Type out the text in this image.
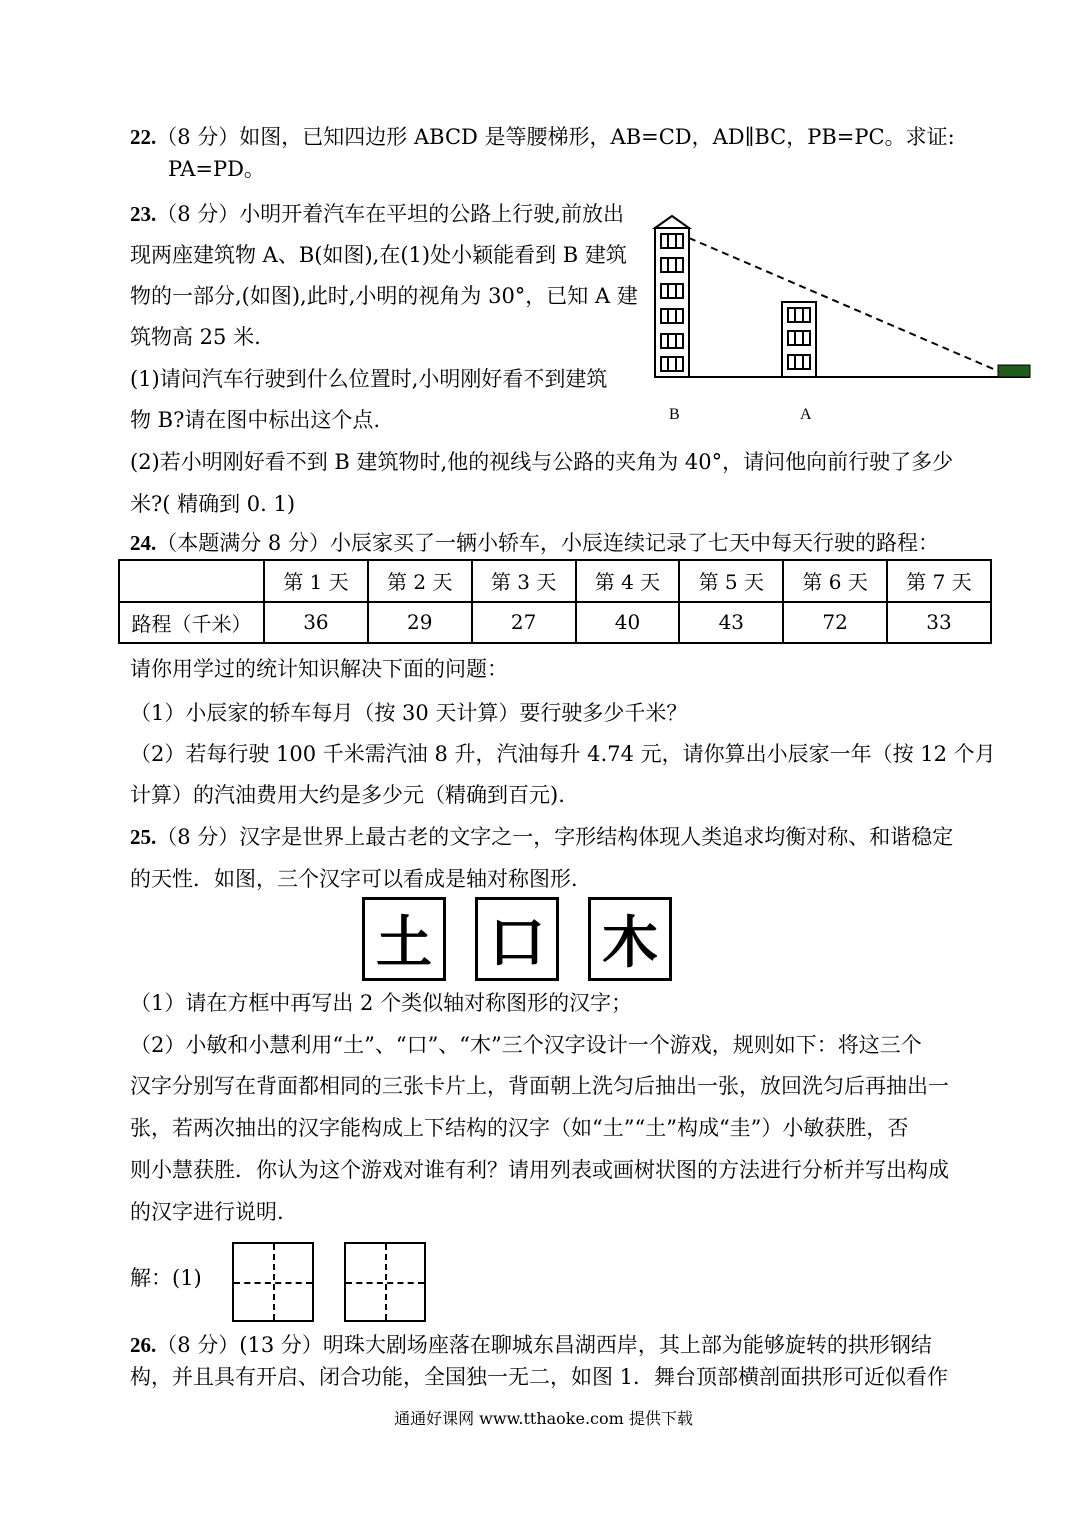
22.（8 分）如图，已知四边形 ABCD 是等腰梯形，AB=CD，AD∥BC，PB=PC。求证:
PA=PD。
23.（8 分）小明开着汽车在平坦的公路上行驶,前放出
现两座建筑物 A、B(如图),在(1)处小颖能看到 B 建筑
物的一部分,(如图),此时,小明的视角为 30°，已知 A 建
筑物高 25 米.
(1)请问汽车行驶到什么位置时,小明刚好看不到建筑
物 B?请在图中标出这个点.
(2)若小明刚好看不到 B 建筑物时,他的视线与公路的夹角为 40°，请问他向前行驶了多少
米?( 精确到 0. 1)
B	A
24.（本题满分 8 分）小辰家买了一辆小轿车，小辰连续记录了七天中每天行驶的路程：
	第 1 天	第 2 天	第 3 天	第 4 天	第 5 天	第 6 天	第 7 天
路程（千米）	36	29	27	40	43	72	33
请你用学过的统计知识解决下面的问题：
（1）小辰家的轿车每月（按 30 天计算）要行驶多少千米？
（2）若每行驶 100 千米需汽油 8 升，汽油每升 4.74 元，请你算出小辰家一年（按 12 个月
计算）的汽油费用大约是多少元（精确到百元).
25.（8 分）汉字是世界上最古老的文字之一，字形结构体现人类追求均衡对称、和谐稳定
的天性．如图，三个汉字可以看成是轴对称图形．
土 口 木
（1）请在方框中再写出 2 个类似轴对称图形的汉字；
（2）小敏和小慧利用“土”、“口”、“木”三个汉字设计一个游戏，规则如下：将这三个
汉字分别写在背面都相同的三张卡片上，背面朝上洗匀后抽出一张，放回洗匀后再抽出一
张，若两次抽出的汉字能构成上下结构的汉字（如“土”“土”构成“圭”）小敏获胜，否
则小慧获胜．你认为这个游戏对谁有利？请用列表或画树状图的方法进行分析并写出构成
的汉字进行说明.
解：(1)
26.（8 分）(13 分）明珠大剧场座落在聊城东昌湖西岸，其上部为能够旋转的拱形钢结
构，并且具有开启、闭合功能，全国独一无二，如图 1．舞台顶部横剖面拱形可近似看作
通通好课网 www.tthaoke.com 提供下载
